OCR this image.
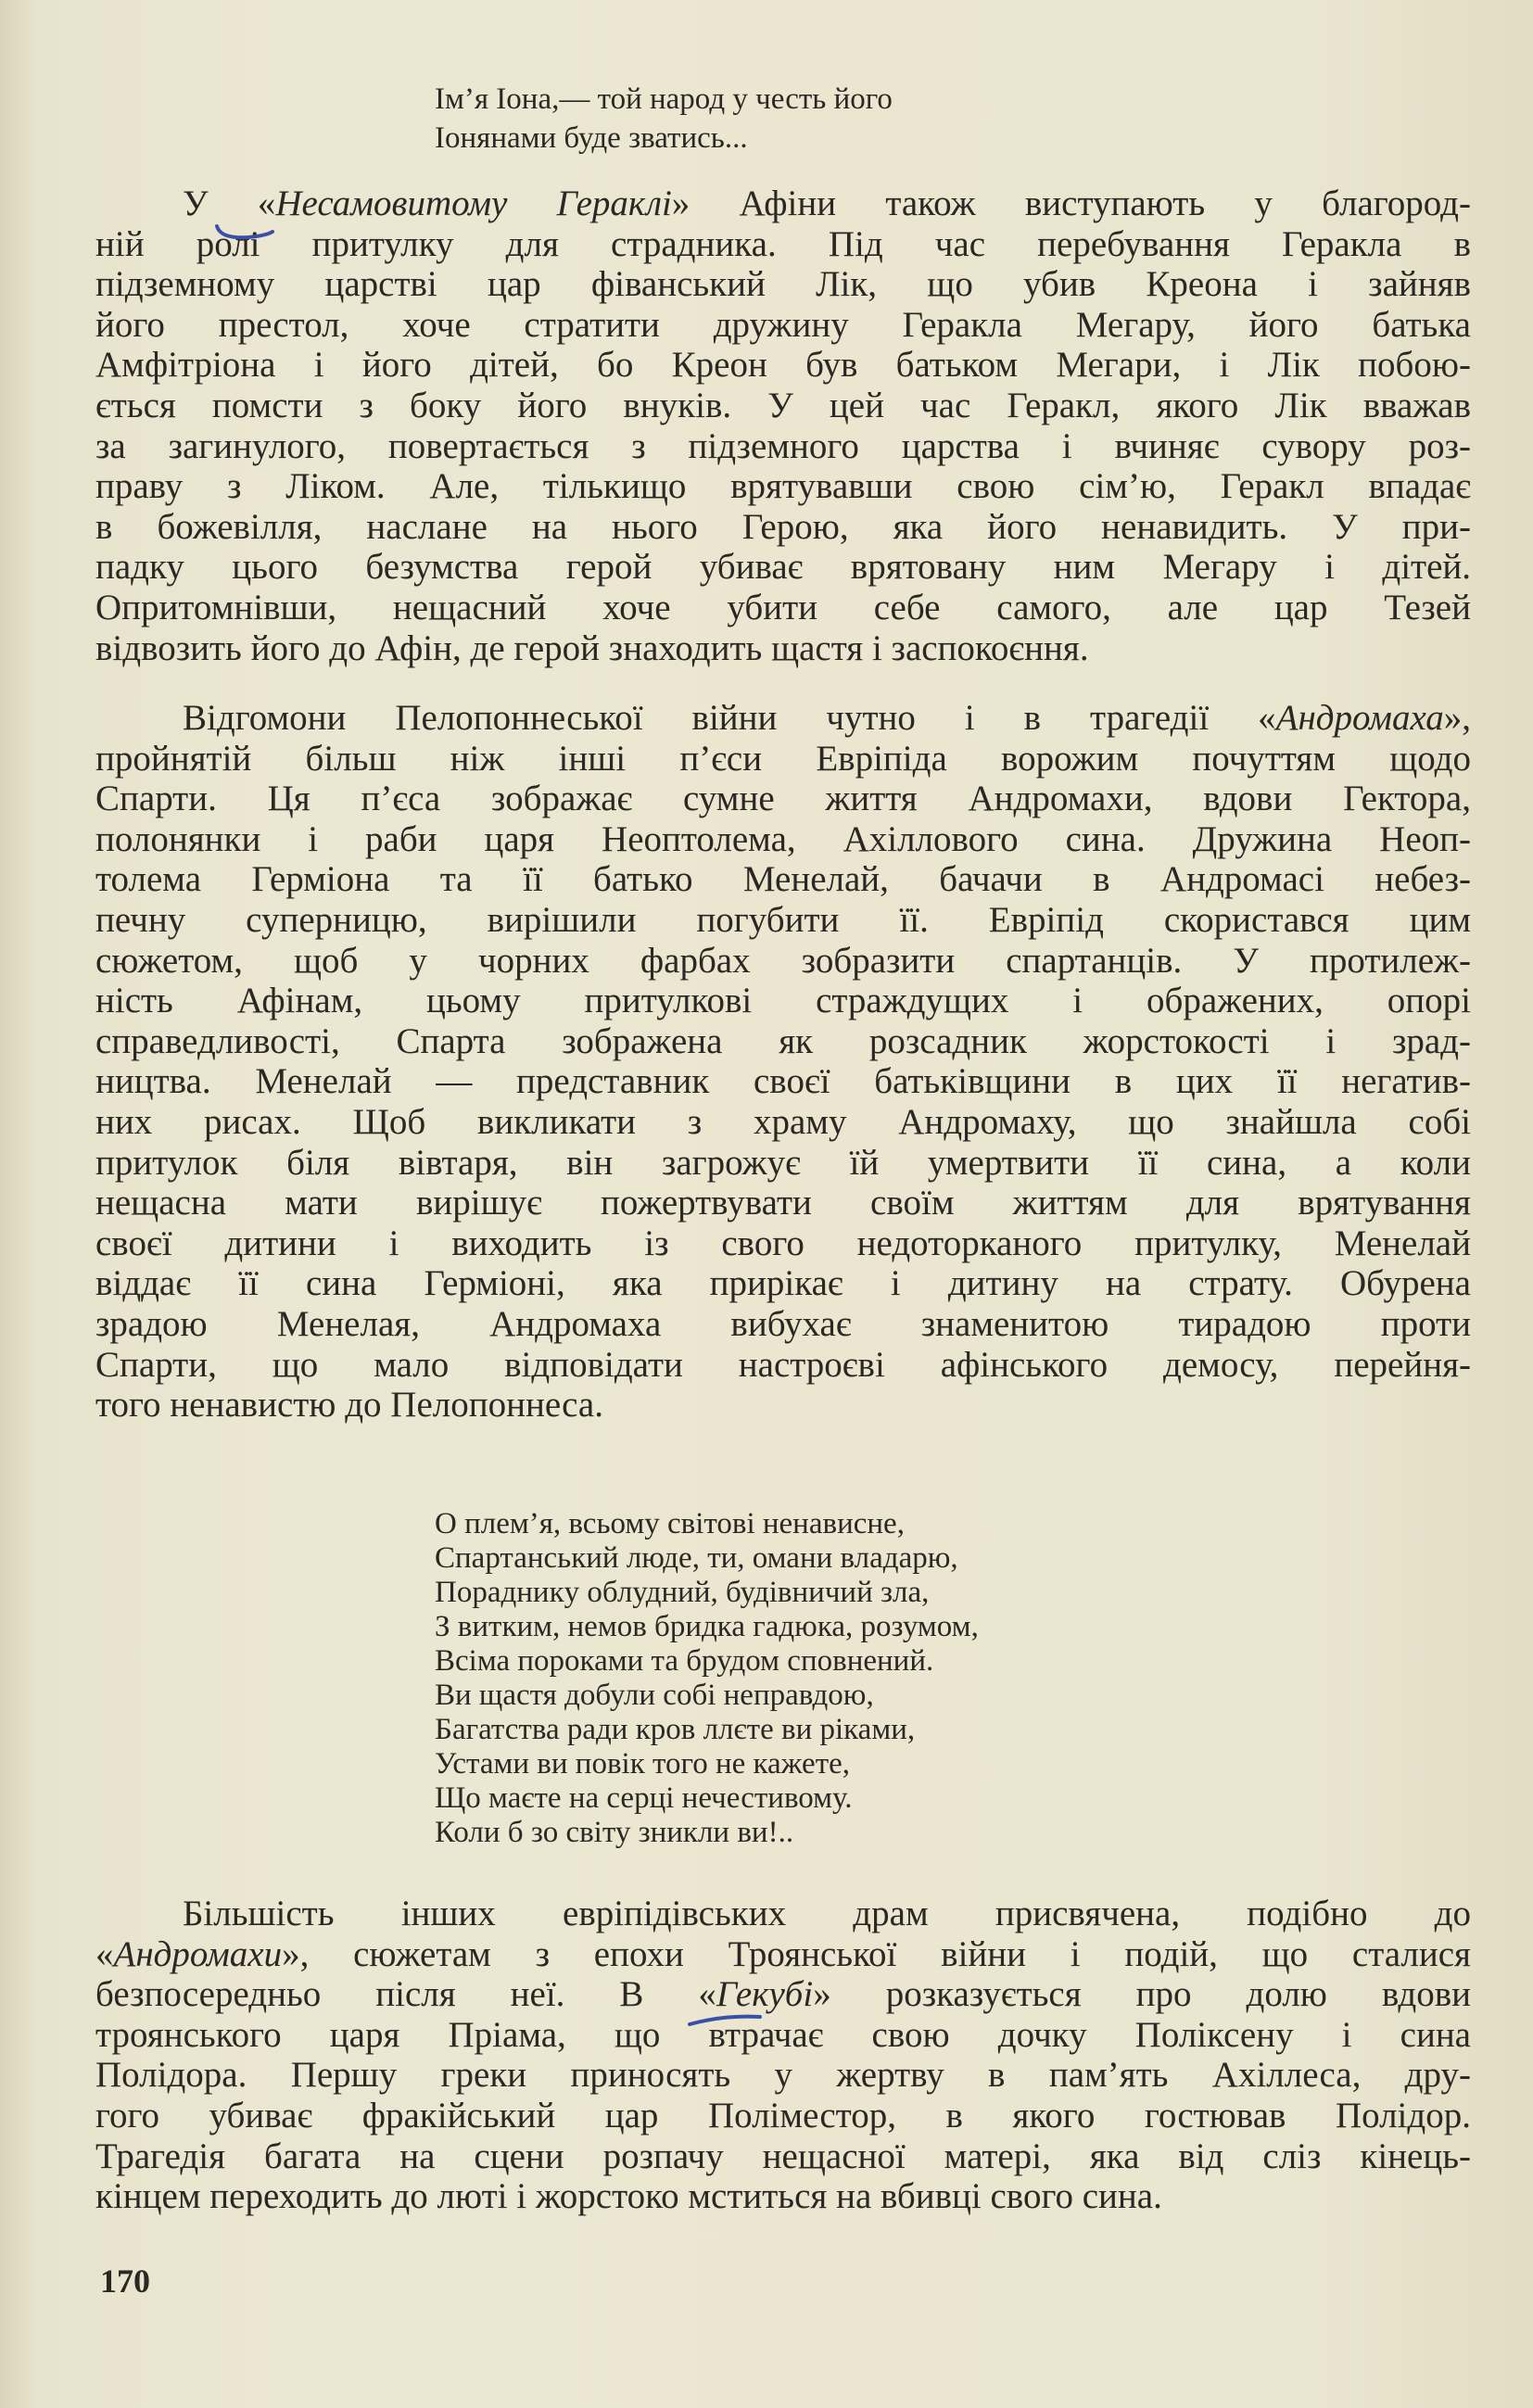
Ім’я Іона,— той народ у честь його
Іонянами буде зватись...
У «Несамовитому Гераклі» Афіни також виступають у благород-
ній ролі притулку для страдника. Під час перебування Геракла в
підземному царстві цар фіванський Лік, що убив Креона і зайняв
його престол, хоче стратити дружину Геракла Мегару, його батька
Амфітріона і його дітей, бо Креон був батьком Мегари, і Лік побою-
ється помсти з боку його внуків. У цей час Геракл, якого Лік вважав
за загинулого, повертається з підземного царства і вчиняє сувору роз-
праву з Ліком. Але, тількищо врятувавши свою сім’ю, Геракл впадає
в божевілля, наслане на нього Герою, яка його ненавидить. У при-
падку цього безумства герой убиває врятовану ним Мегару і дітей.
Опритомнівши, нещасний хоче убити себе самого, але цар Тезей
відвозить його до Афін, де герой знаходить щастя і заспокоєння.
Відгомони Пелопоннеської війни чутно і в трагедії «Андромаха»,
пройнятій більш ніж інші п’єси Евріпіда ворожим почуттям щодо
Спарти. Ця п’єса зображає сумне життя Андромахи, вдови Гектора,
полонянки і раби царя Неоптолема, Ахіллового сина. Дружина Неоп-
толема Герміона та її батько Менелай, бачачи в Андромасі небез-
печну суперницю, вирішили погубити її. Евріпід скористався цим
сюжетом, щоб у чорних фарбах зобразити спартанців. У протилеж-
ність Афінам, цьому притулкові страждущих і ображених, опорі
справедливості, Спарта зображена як розсадник жорстокості і зрад-
ництва. Менелай — представник своєї батьківщини в цих її негатив-
них рисах. Щоб викликати з храму Андромаху, що знайшла собі
притулок біля вівтаря, він загрожує їй умертвити її сина, а коли
нещасна мати вирішує пожертвувати своїм життям для врятування
своєї дитини і виходить із свого недоторканого притулку, Менелай
віддає її сина Герміоні, яка прирікає і дитину на страту. Обурена
зрадою Менелая, Андромаха вибухає знаменитою тирадою проти
Спарти, що мало відповідати настроєві афінського демосу, перейня-
того ненавистю до Пелопоннеса.
О плем’я, всьому світові ненависне,
Спартанський люде, ти, омани владарю,
Порадникy облудний, будівничий зла,
З витким, немов бридка гадюка, розумом,
Всіма пороками та брудом сповнений.
Ви щастя добули собі неправдою,
Багатства ради кров ллєте ви ріками,
Устами ви повік того не кажете,
Що маєте на серці нечестивому.
Коли б зо світу зникли ви!..
Більшість інших евріпідівських драм присвячена, подібно до
«Андромахи», сюжетам з епохи Троянської війни і подій, що сталися
безпосередньо після неї. В «Гекубі» розказується про долю вдови
троянського царя Пріама, що втрачає свою дочку Поліксену і сина
Полідора. Першу греки приносять у жертву в пам’ять Ахіллеса, дру-
гого убиває фракійський цар Поліместор, в якого гостював Полідор.
Трагедія багата на сцени розпачу нещасної матері, яка від сліз кінець-
кінцем переходить до люті і жорстоко мститься на вбивці свого сина.
170
